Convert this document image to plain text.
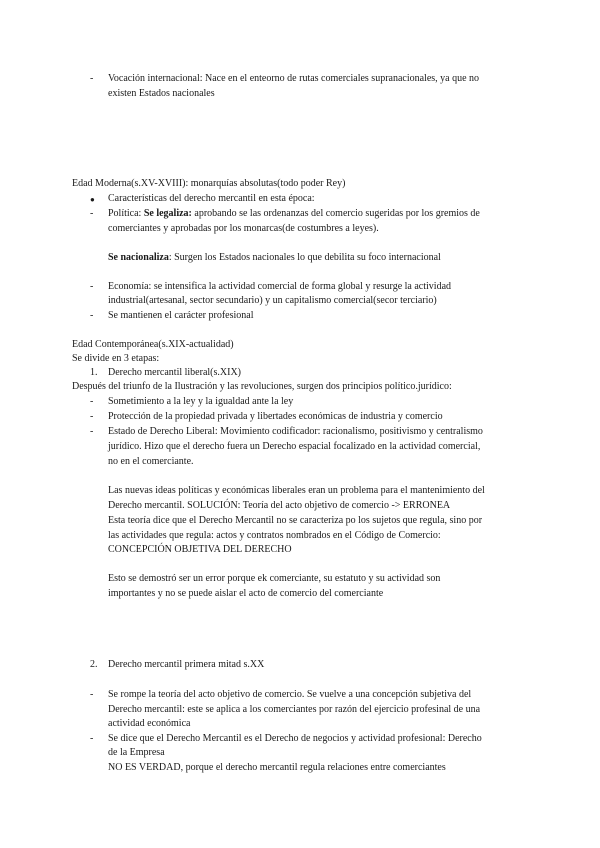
- Vocación internacional: Nace en el enteorno de rutas comerciales supranacionales, ya que no
existen Estados nacionales
Edad Moderna(s.XV-XVIII): monarquías absolutas(todo poder Rey)
● Características del derecho mercantil en esta época:
- Política: Se legaliza: aprobando se las ordenanzas del comercio sugeridas por los gremios de
comerciantes y aprobadas por los monarcas(de costumbres a leyes).
Se nacionaliza: Surgen los Estados nacionales lo que debilita su foco internacional
- Economía: se intensifica la actividad comercial de forma global y resurge la actividad
industrial(artesanal, sector secundario) y un capitalismo comercial(secor terciario)
- Se mantienen el carácter profesional
Edad Contemporánea(s.XIX-actualidad)
Se divide en 3 etapas:
1. Derecho mercantil liberal(s.XIX)
Después del triunfo de la Ilustración y las revoluciones, surgen dos principios político.jurídico:
- Sometimiento a la ley y la igualdad ante la ley
- Protección de la propiedad privada y libertades económicas de industria y comercio
- Estado de Derecho Liberal: Movimiento codificador: racionalismo, positivismo y centralismo
jurídico. Hizo que el derecho fuera un Derecho espacial focalizado en la actividad comercial,
no en el comerciante.
Las nuevas ideas políticas y económicas liberales eran un problema para el mantenimiento del
Derecho mercantil. SOLUCIÓN: Teoría del acto objetivo de comercio -> ERRONEA
Esta teoría dice que el Derecho Mercantil no se caracteriza po los sujetos que regula, sino por
las actividades que regula: actos y contratos nombrados en el Código de Comercio:
CONCEPCIÓN OBJETIVA DEL DERECHO
Esto se demostró ser un error porque ek comerciante, su estatuto y su actividad son
importantes y no se puede aislar el acto de comercio del comerciante
2. Derecho mercantil primera mitad s.XX
- Se rompe la teoría del acto objetivo de comercio. Se vuelve a una concepción subjetiva del
Derecho mercantil: este se aplica a los comerciantes por razón del ejercicio profesinal de una
actividad económica
- Se dice que el Derecho Mercantil es el Derecho de negocios y actividad profesional: Derecho
de la Empresa
NO ES VERDAD, porque el derecho mercantil regula relaciones entre comerciantes
